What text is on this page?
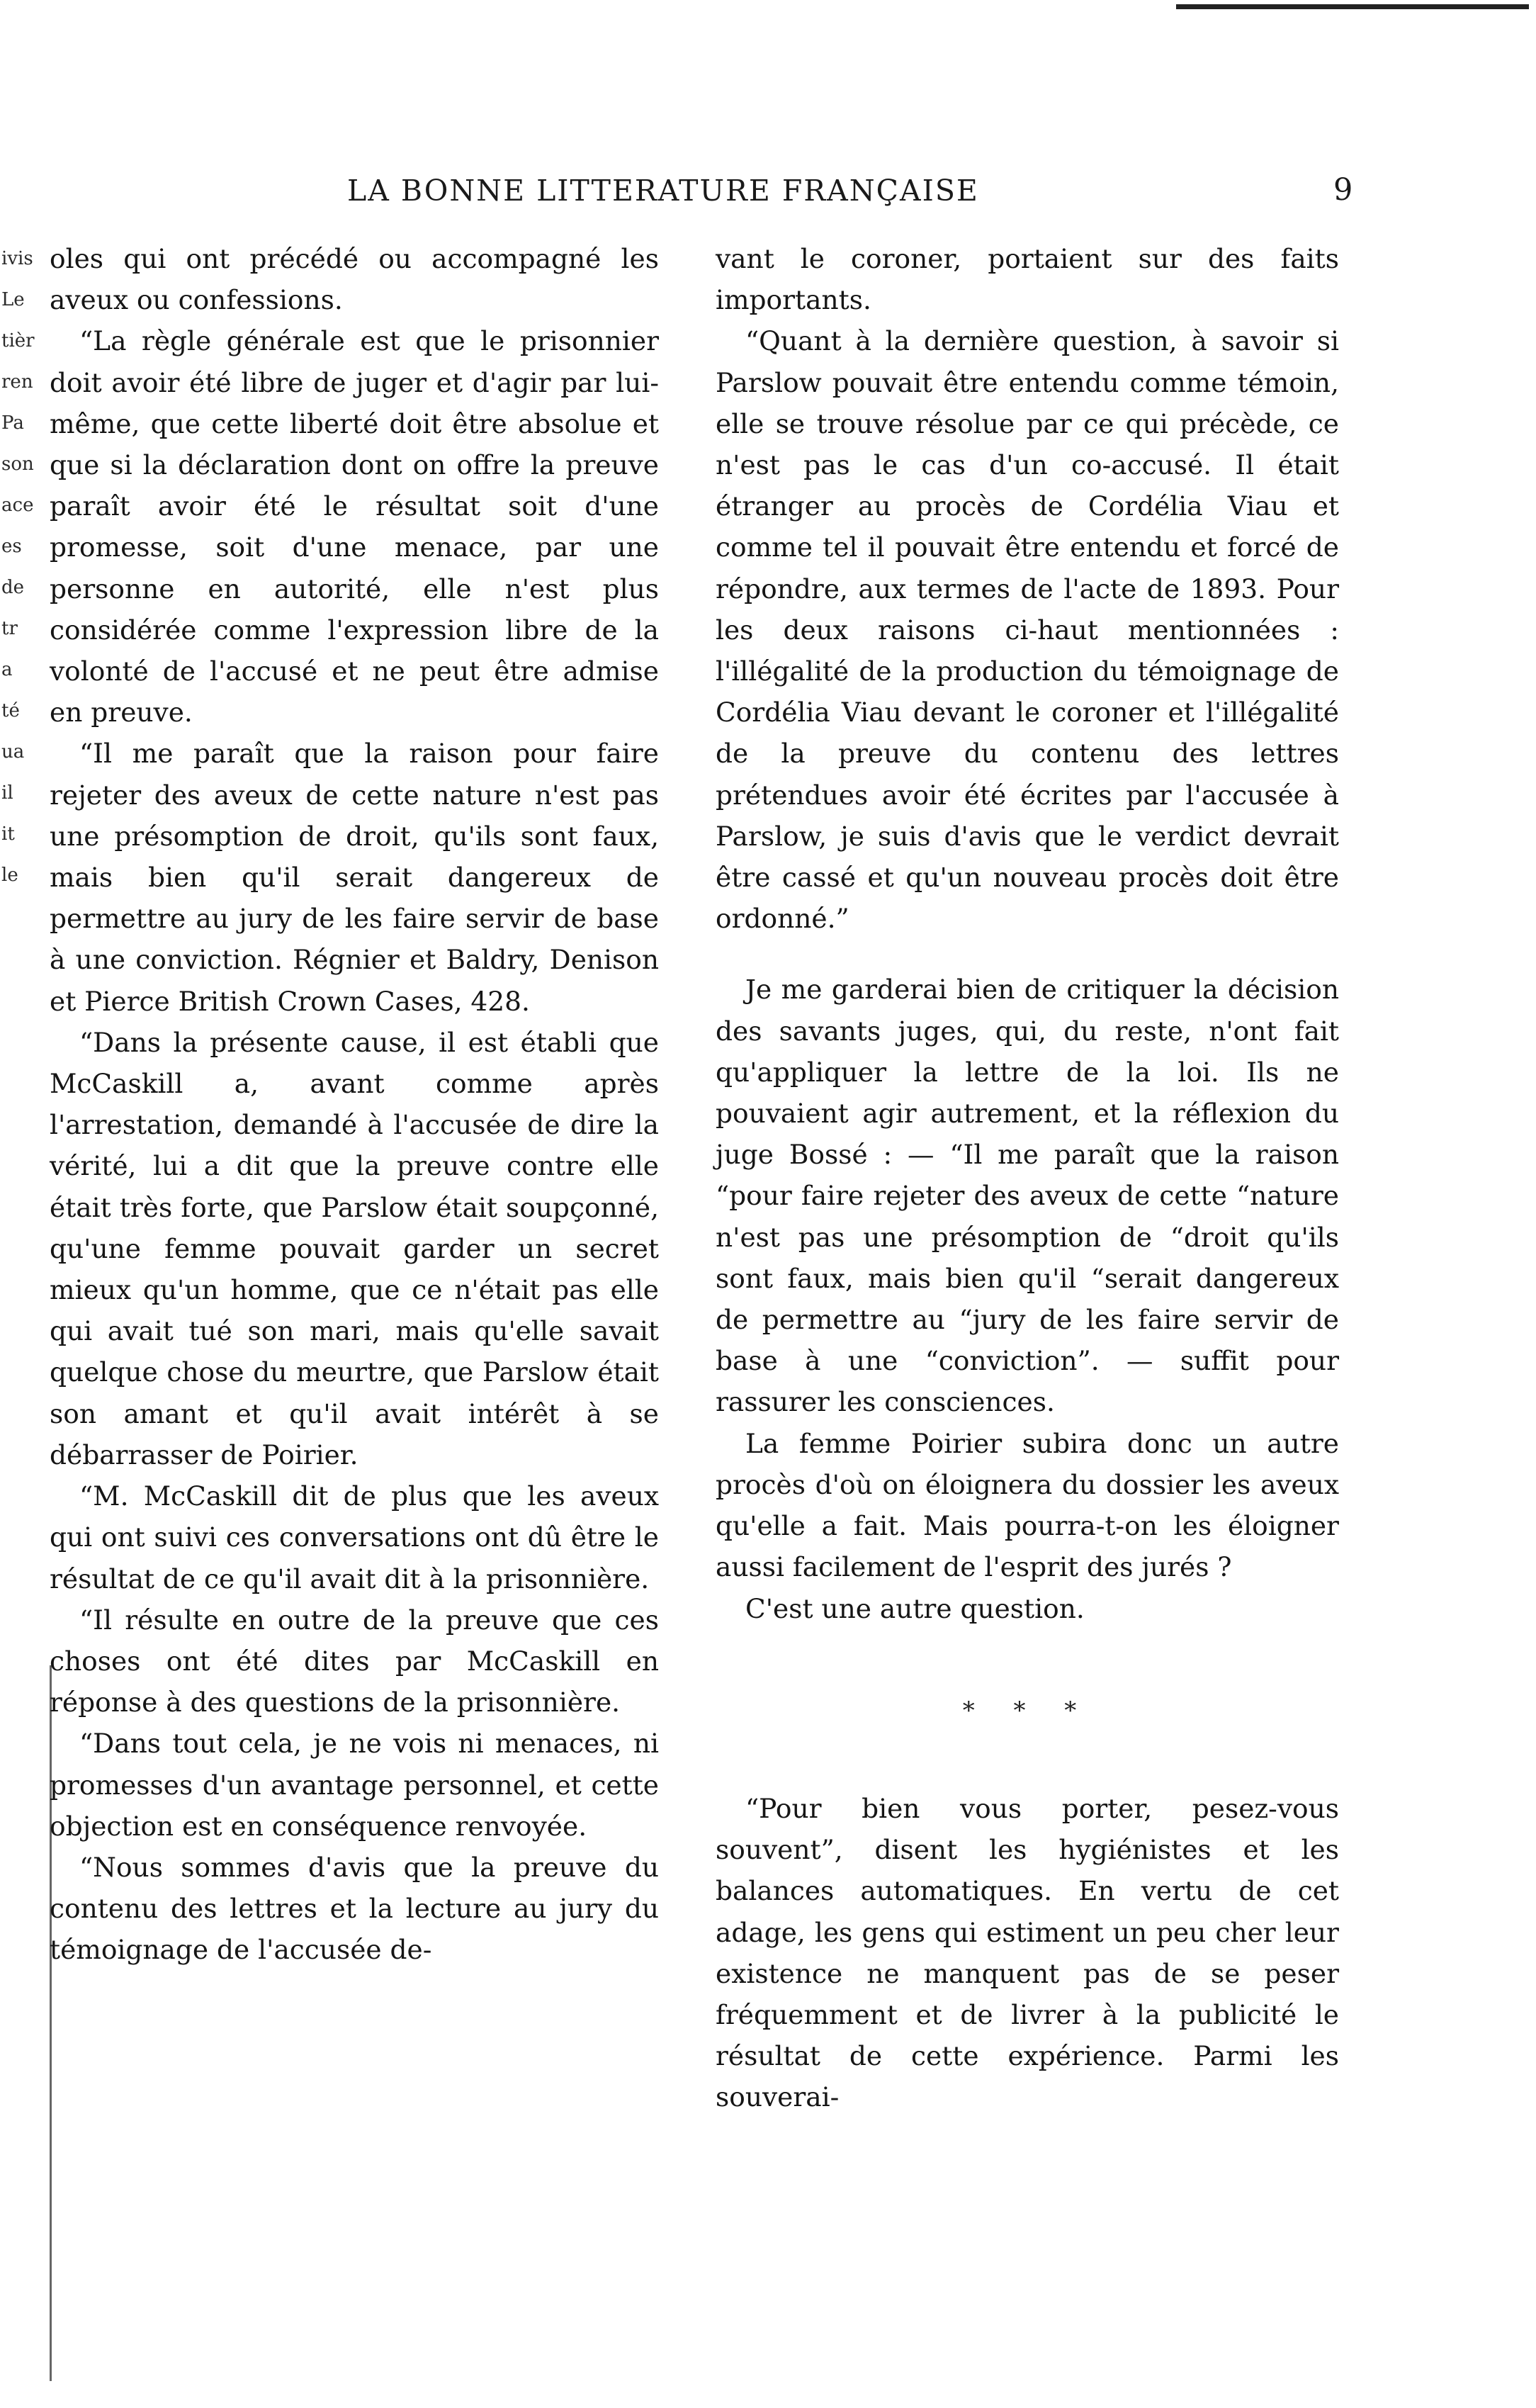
LA BONNE LITTERATURE FRANÇAISE	9
ivis
Le
tièr
ren
Pa
son
ace
es
de
tr
a
té
ua
il
it
le

oles qui ont précédé ou accompagné les aveux ou confessions.

“La règle générale est que le prisonnier doit avoir été libre de juger et d'agir par lui-même, que cette liberté doit être absolue et que si la déclaration dont on offre la preuve paraît avoir été le résultat soit d'une promesse, soit d'une menace, par une personne en autorité, elle n'est plus considérée comme l'expression libre de la volonté de l'accusé et ne peut être admise en preuve.

“Il me paraît que la raison pour faire rejeter des aveux de cette nature n'est pas une présomption de droit, qu'ils sont faux, mais bien qu'il serait dangereux de permettre au jury de les faire servir de base à une conviction. Régnier et Baldry, Denison et Pierce British Crown Cases, 428.

“Dans la présente cause, il est établi que McCaskill a, avant comme après l'arrestation, demandé à l'accusée de dire la vérité, lui a dit que la preuve contre elle était très forte, que Parslow était soupçonné, qu'une femme pouvait garder un secret mieux qu'un homme, que ce n'était pas elle qui avait tué son mari, mais qu'elle savait quelque chose du meurtre, que Parslow était son amant et qu'il avait intérêt à se débarrasser de Poirier.

“M. McCaskill dit de plus que les aveux qui ont suivi ces conversations ont dû être le résultat de ce qu'il avait dit à la prisonnière.

“Il résulte en outre de la preuve que ces choses ont été dites par McCaskill en réponse à des questions de la prisonnière.

“Dans tout cela, je ne vois ni menaces, ni promesses d'un avantage personnel, et cette objection est en conséquence renvoyée.

“Nous sommes d'avis que la preuve du contenu des lettres et la lecture au jury du témoignage de l'accusée de-

vant le coroner, portaient sur des faits importants.

“Quant à la dernière question, à savoir si Parslow pouvait être entendu comme témoin, elle se trouve résolue par ce qui précède, ce n'est pas le cas d'un co-accusé. Il était étranger au procès de Cordélia Viau et comme tel il pouvait être entendu et forcé de répondre, aux termes de l'acte de 1893. Pour les deux raisons ci-haut mentionnées : l'illégalité de la production du témoignage de Cordélia Viau devant le coroner et l'illégalité de la preuve du contenu des lettres prétendues avoir été écrites par l'accusée à Parslow, je suis d'avis que le verdict devrait être cassé et qu'un nouveau procès doit être ordonné.”

Je me garderai bien de critiquer la décision des savants juges, qui, du reste, n'ont fait qu'appliquer la lettre de la loi. Ils ne pouvaient agir autrement, et la réflexion du juge Bossé : — “Il me paraît que la raison “pour faire rejeter des aveux de cette “nature n'est pas une présomption de “droit qu'ils sont faux, mais bien qu'il “serait dangereux de permettre au “jury de les faire servir de base à une “conviction”. — suffit pour rassurer les consciences.

La femme Poirier subira donc un autre procès d'où on éloignera du dossier les aveux qu'elle a fait. Mais pourra-t-on les éloigner aussi facilement de l'esprit des jurés ?

C'est une autre question.

* * *

“Pour bien vous porter, pesez-vous souvent”, disent les hygiénistes et les balances automatiques. En vertu de cet adage, les gens qui estiment un peu cher leur existence ne manquent pas de se peser fréquemment et de livrer à la publicité le résultat de cette expérience. Parmi les souverai-
